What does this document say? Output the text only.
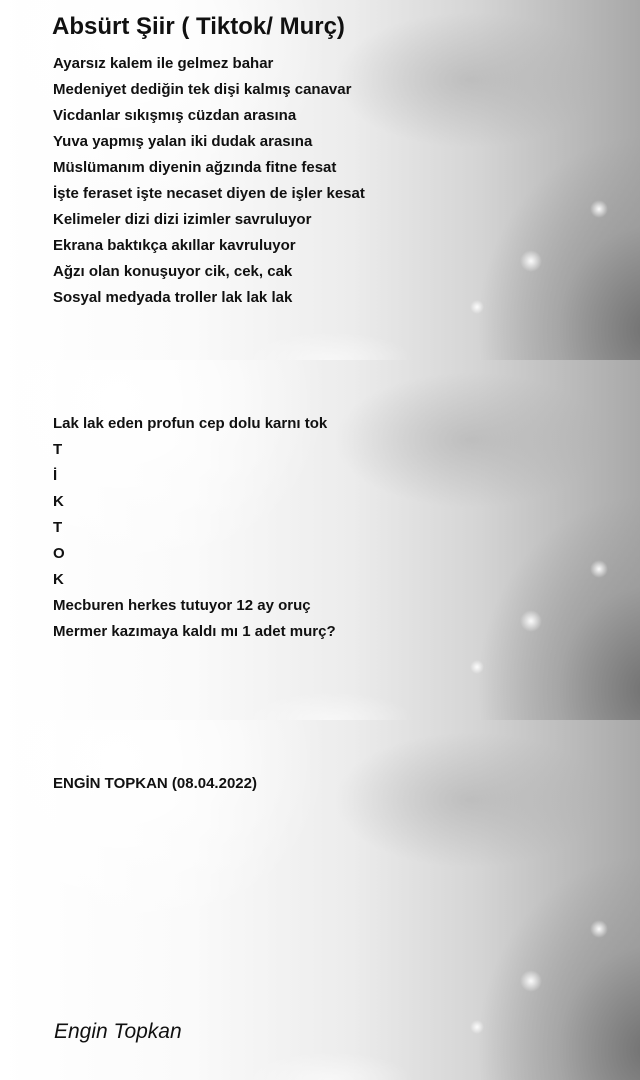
Absürt Şiir ( Tiktok/ Murç)
Ayarsız kalem ile gelmez bahar
Medeniyet dediğin tek dişi kalmış canavar
Vicdanlar sıkışmış cüzdan arasına
Yuva yapmış yalan iki dudak arasına
Müslümanım diyenin ağzında fitne fesat
İşte feraset işte necaset diyen de işler kesat
Kelimeler dizi dizi izimler savruluyor
Ekrana baktıkça akıllar kavruluyor
Ağzı olan konuşuyor cik, cek, cak
Sosyal medyada troller lak lak lak
Lak lak eden profun cep dolu karnı tok
T
İ
K
T
O
K
Mecburen herkes tutuyor 12 ay oruç
Mermer kazımaya kaldı mı 1 adet murç?
ENGİN TOPKAN (08.04.2022)
Engin Topkan
